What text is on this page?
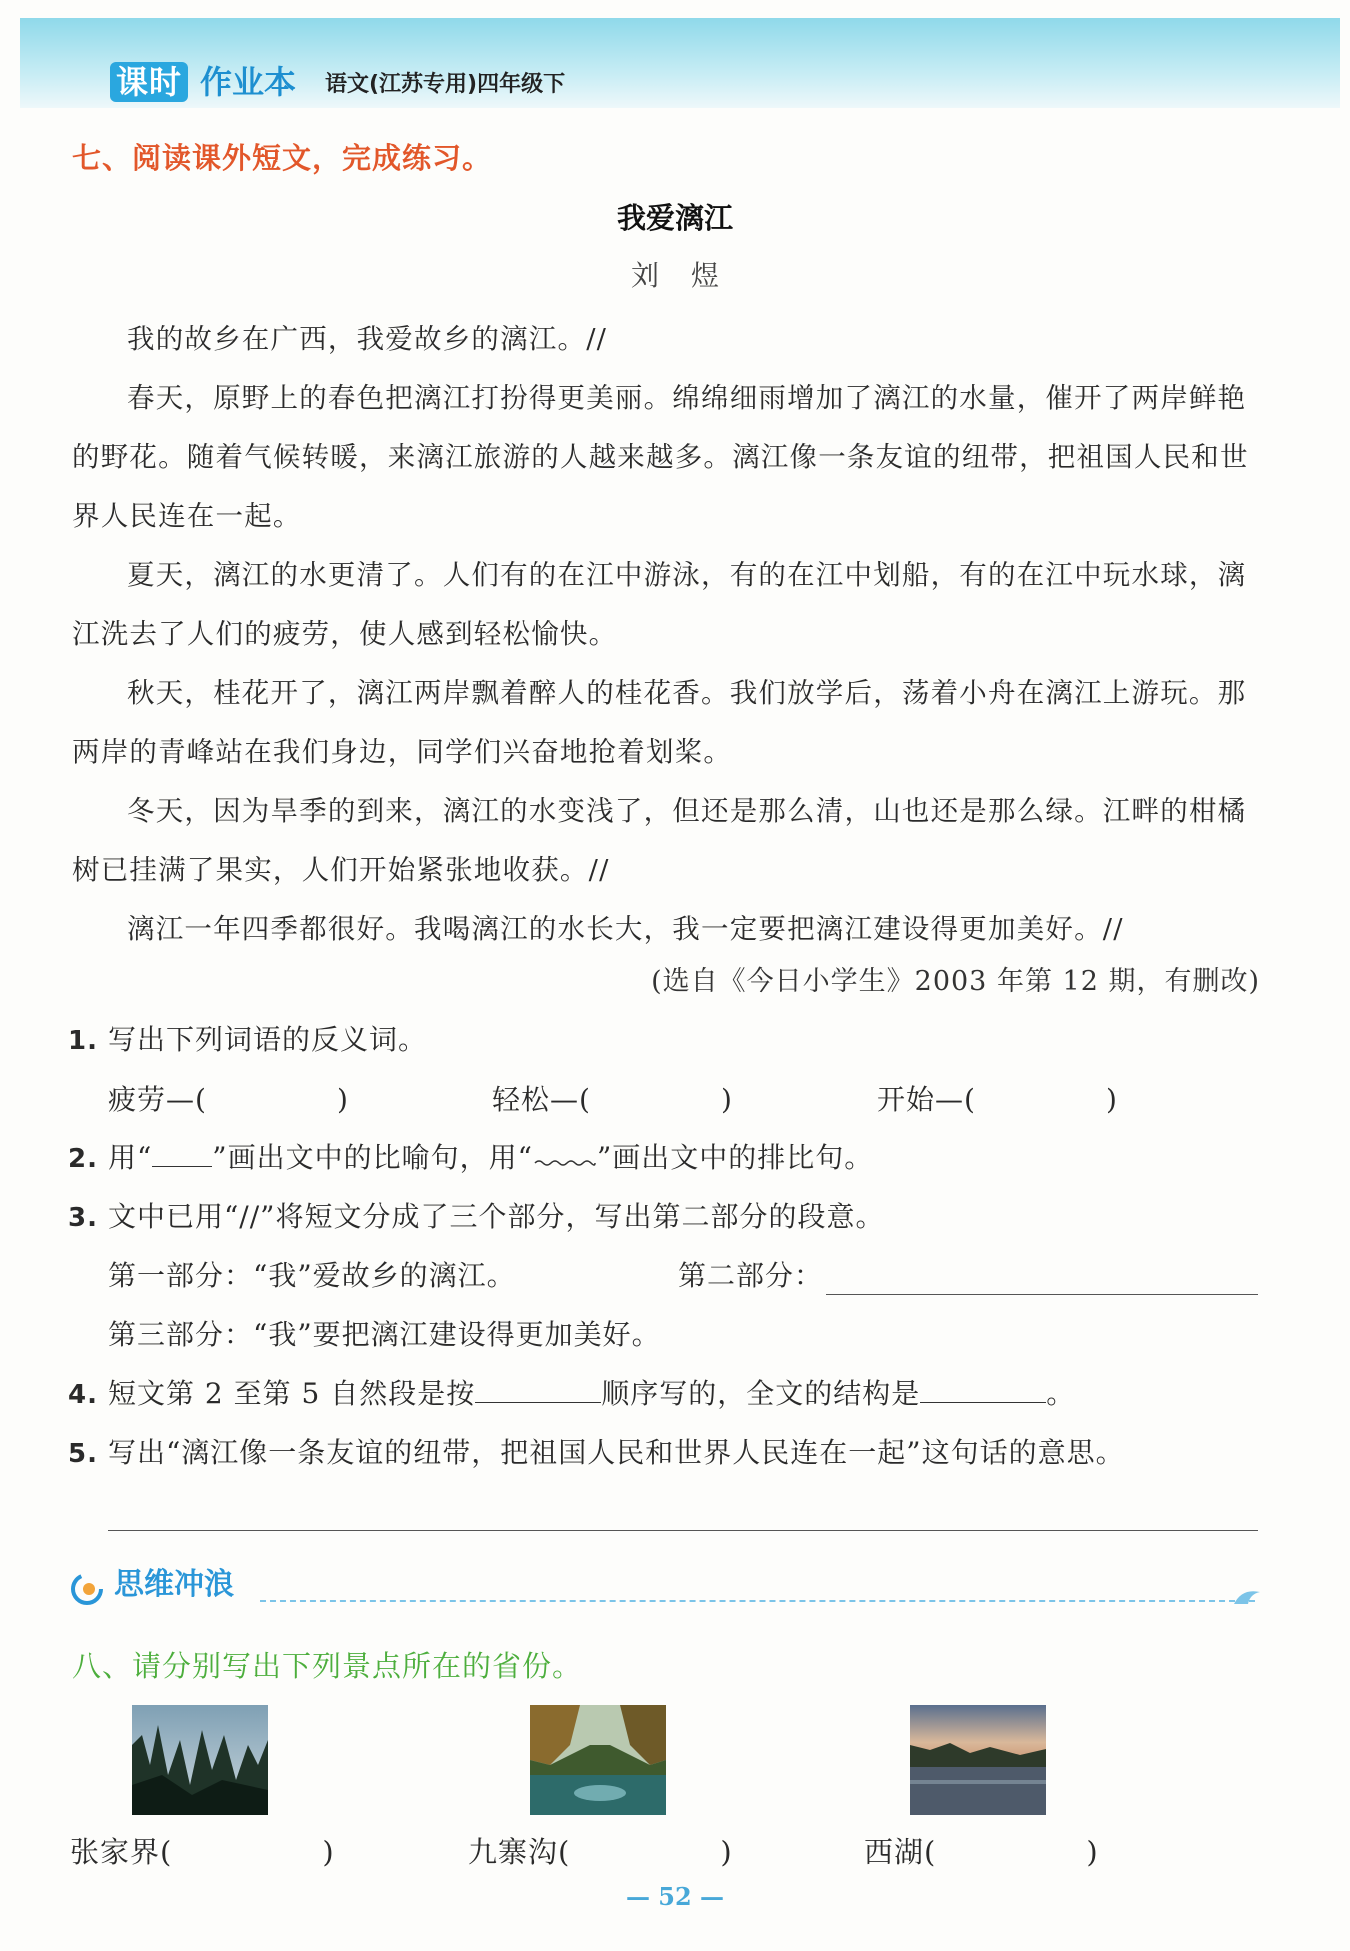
课时 作业本 语文(江苏专用)四年级下
七、阅读课外短文，完成练习。
我爱漓江
刘煜

我的故乡在广西，我爱故乡的漓江。//

春天，原野上的春色把漓江打扮得更美丽。绵绵细雨增加了漓江的水量，催开了两岸鲜艳的野花。随着气候转暖，来漓江旅游的人越来越多。漓江像一条友谊的纽带，把祖国人民和世界人民连在一起。

夏天，漓江的水更清了。人们有的在江中游泳，有的在江中划船，有的在江中玩水球，漓江洗去了人们的疲劳，使人感到轻松愉快。

秋天，桂花开了，漓江两岸飘着醉人的桂花香。我们放学后，荡着小舟在漓江上游玩。那两岸的青峰站在我们身边，同学们兴奋地抢着划桨。

冬天，因为旱季的到来，漓江的水变浅了，但还是那么清，山也还是那么绿。江畔的柑橘树已挂满了果实，人们开始紧张地收获。//

漓江一年四季都很好。我喝漓江的水长大，我一定要把漓江建设得更加美好。//

(选自《今日小学生》2003 年第 12 期，有删改)
1. 写出下列词语的反义词。
疲劳—(	)	轻松—(	)	开始—(	)
2. 用“ ”画出文中的比喻句，用“ ”画出文中的排比句。
3. 文中已用“//”将短文分成了三个部分，写出第二部分的段意。
第一部分：“我”爱故乡的漓江。	第二部分：
第三部分：“我”要把漓江建设得更加美好。
4. 短文第 2 至第 5 自然段是按	顺序写的，全文的结构是	。
5. 写出“漓江像一条友谊的纽带，把祖国人民和世界人民连在一起”这句话的意思。
思维冲浪
八、请分别写出下列景点所在的省份。
张家界(	)	九寨沟(	)	西湖(	)
— 52 —
